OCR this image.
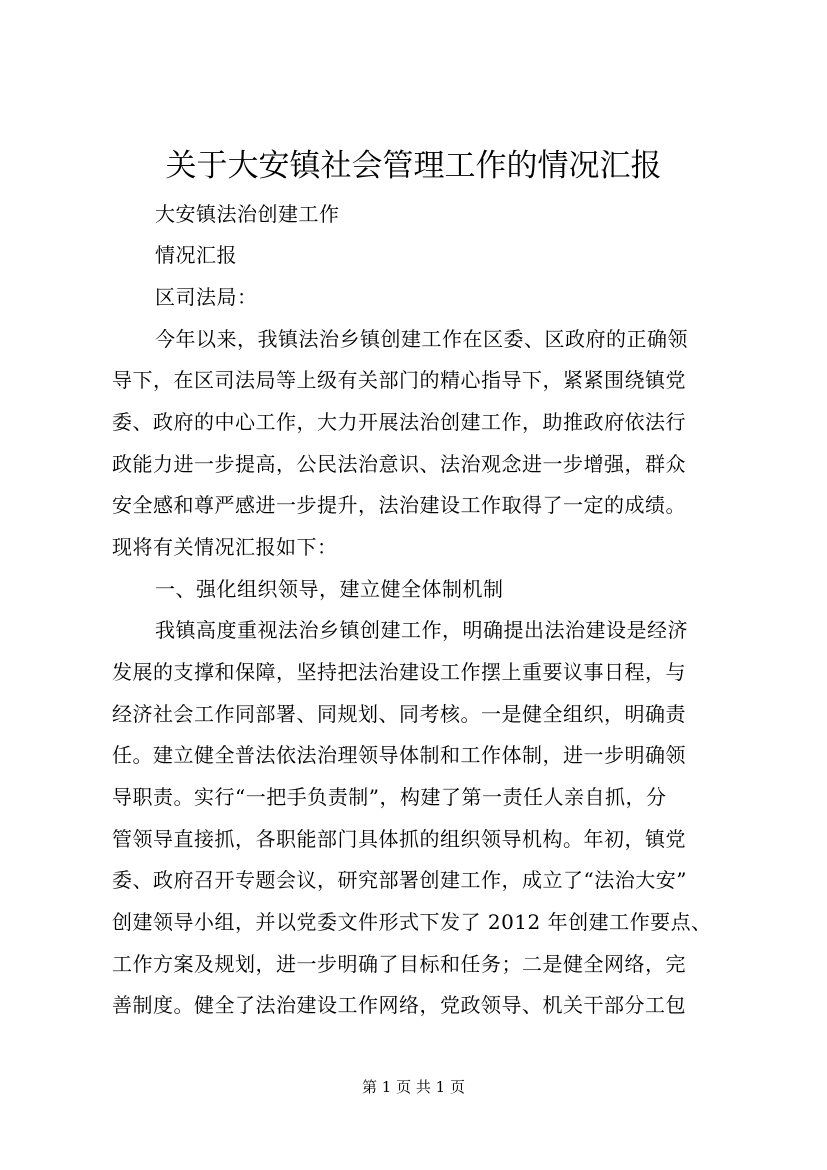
关于大安镇社会管理工作的情况汇报
大安镇法治创建工作
情况汇报
区司法局：
今年以来，我镇法治乡镇创建工作在区委、区政府的正确领
导下，在区司法局等上级有关部门的精心指导下，紧紧围绕镇党
委、政府的中心工作，大力开展法治创建工作，助推政府依法行
政能力进一步提高，公民法治意识、法治观念进一步增强，群众
安全感和尊严感进一步提升，法治建设工作取得了一定的成绩。
现将有关情况汇报如下：
一、强化组织领导，建立健全体制机制
我镇高度重视法治乡镇创建工作，明确提出法治建设是经济
发展的支撑和保障，坚持把法治建设工作摆上重要议事日程，与
经济社会工作同部署、同规划、同考核。一是健全组织，明确责
任。建立健全普法依法治理领导体制和工作体制，进一步明确领
导职责。实行“一把手负责制”，构建了第一责任人亲自抓，分
管领导直接抓，各职能部门具体抓的组织领导机构。年初，镇党
委、政府召开专题会议，研究部署创建工作，成立了“法治大安”
创建领导小组，并以党委文件形式下发了 2012 年创建工作要点、
工作方案及规划，进一步明确了目标和任务；二是健全网络，完
善制度。健全了法治建设工作网络，党政领导、机关干部分工包
第 1 页 共 1 页
